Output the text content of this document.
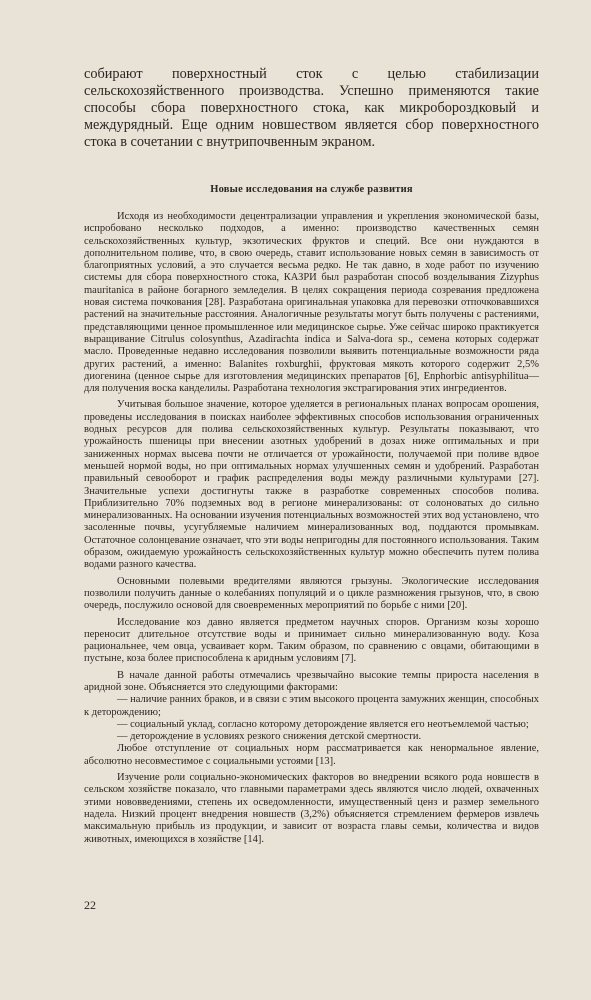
собирают поверхностный сток с целью стабилизации сельскохозяйственного производства. Успешно применяются такие способы сбора поверхностного стока, как микробороздковый и междурядный. Еще одним новшеством является сбор поверхностного стока в сочетании с внутрипочвенным экраном.

Новые исследования на службе развития

Исходя из необходимости децентрализации управления и укрепления экономической базы, испробовано несколько подходов, а именно: производство качественных семян сельскохозяйственных культур, экзотических фруктов и специй. Все они нуждаются в дополнительном поливе, что, в свою очередь, ставит использование новых семян в зависимость от благоприятных условий, а это случается весьма редко. Не так давно, в ходе работ по изучению системы для сбора поверхностного стока, КАЗРИ был разработан способ возделывания Zizyphus mauritanica в районе богарного земледелия. В целях сокращения периода созревания предложена новая система почкования [28]. Разработана оригинальная упаковка для перевозки отпочковавшихся растений на значительные расстояния. Аналогичные результаты могут быть получены с растениями, представляющими ценное промышленное или медицинское сырье. Уже сейчас широко практикуется выращивание Citrulus colosynthus, Azadirachta indica и Salva-dora sp., семена которых содержат масло. Проведенные недавно исследования позволили выявить потенциальные возможности ряда других растений, а именно: Balanites roxburghii, фруктовая мякоть которого содержит 2,5% диогенина (ценное сырье для изготовления медицинских препаратов [6], Enphorbic antisyphilitua— для получения воска канделилы. Разработана технология экстрагирования этих ингредиентов.

Учитывая большое значение, которое уделяется в региональных планах вопросам орошения, проведены исследования в поисках наиболее эффективных способов использования ограниченных водных ресурсов для полива сельскохозяйственных культур. Результаты показывают, что урожайность пшеницы при внесении азотных удобрений в дозах ниже оптимальных и при заниженных нормах высева почти не отличается от урожайности, получаемой при поливе вдвое меньшей нормой воды, но при оптимальных нормах улучшенных семян и удобрений. Разработан правильный севооборот и график распределения воды между различными культурами [27]. Значительные успехи достигнуты также в разработке современных способов полива. Приблизительно 70% подземных вод в регионе минерализованы: от солоноватых до сильно минерализованных. На основании изучения потенциальных возможностей этих вод установлено, что засоленные почвы, усугубляемые наличием минерализованных вод, поддаются промывкам. Остаточное солонцевание означает, что эти воды непригодны для постоянного использования. Таким образом, ожидаемую урожайность сельскохозяйственных культур можно обеспечить путем полива водами разного качества.

Основными полевыми вредителями являются грызуны. Экологические исследования позволили получить данные о колебаниях популяций и о цикле размножения грызунов, что, в свою очередь, послужило основой для своевременных мероприятий по борьбе с ними [20].

Исследование коз давно является предметом научных споров. Организм козы хорошо переносит длительное отсутствие воды и принимает сильно минерализованную воду. Коза рациональнее, чем овца, усваивает корм. Таким образом, по сравнению с овцами, обитающими в пустыне, коза более приспособлена к аридным условиям [7].

В начале данной работы отмечались чрезвычайно высокие темпы прироста населения в аридной зоне. Объясняется это следующими факторами:

— наличие ранних браков, и в связи с этим высокого процента замужних женщин, способных к деторождению;

— социальный уклад, согласно которому деторождение является его неотъемлемой частью;

— деторождение в условиях резкого снижения детской смертности.

Любое отступление от социальных норм рассматривается как ненормальное явление, абсолютно несовместимое с социальными устоями [13].

Изучение роли социально-экономических факторов во внедрении всякого рода новшеств в сельском хозяйстве показало, что главными параметрами здесь являются число людей, охваченных этими нововведениями, степень их осведомленности, имущественный ценз и размер земельного надела. Низкий процент внедрения новшеств (3,2%) объясняется стремлением фермеров извлечь максимальную прибыль из продукции, и зависит от возраста главы семьи, количества и видов животных, имеющихся в хозяйстве [14].

22
